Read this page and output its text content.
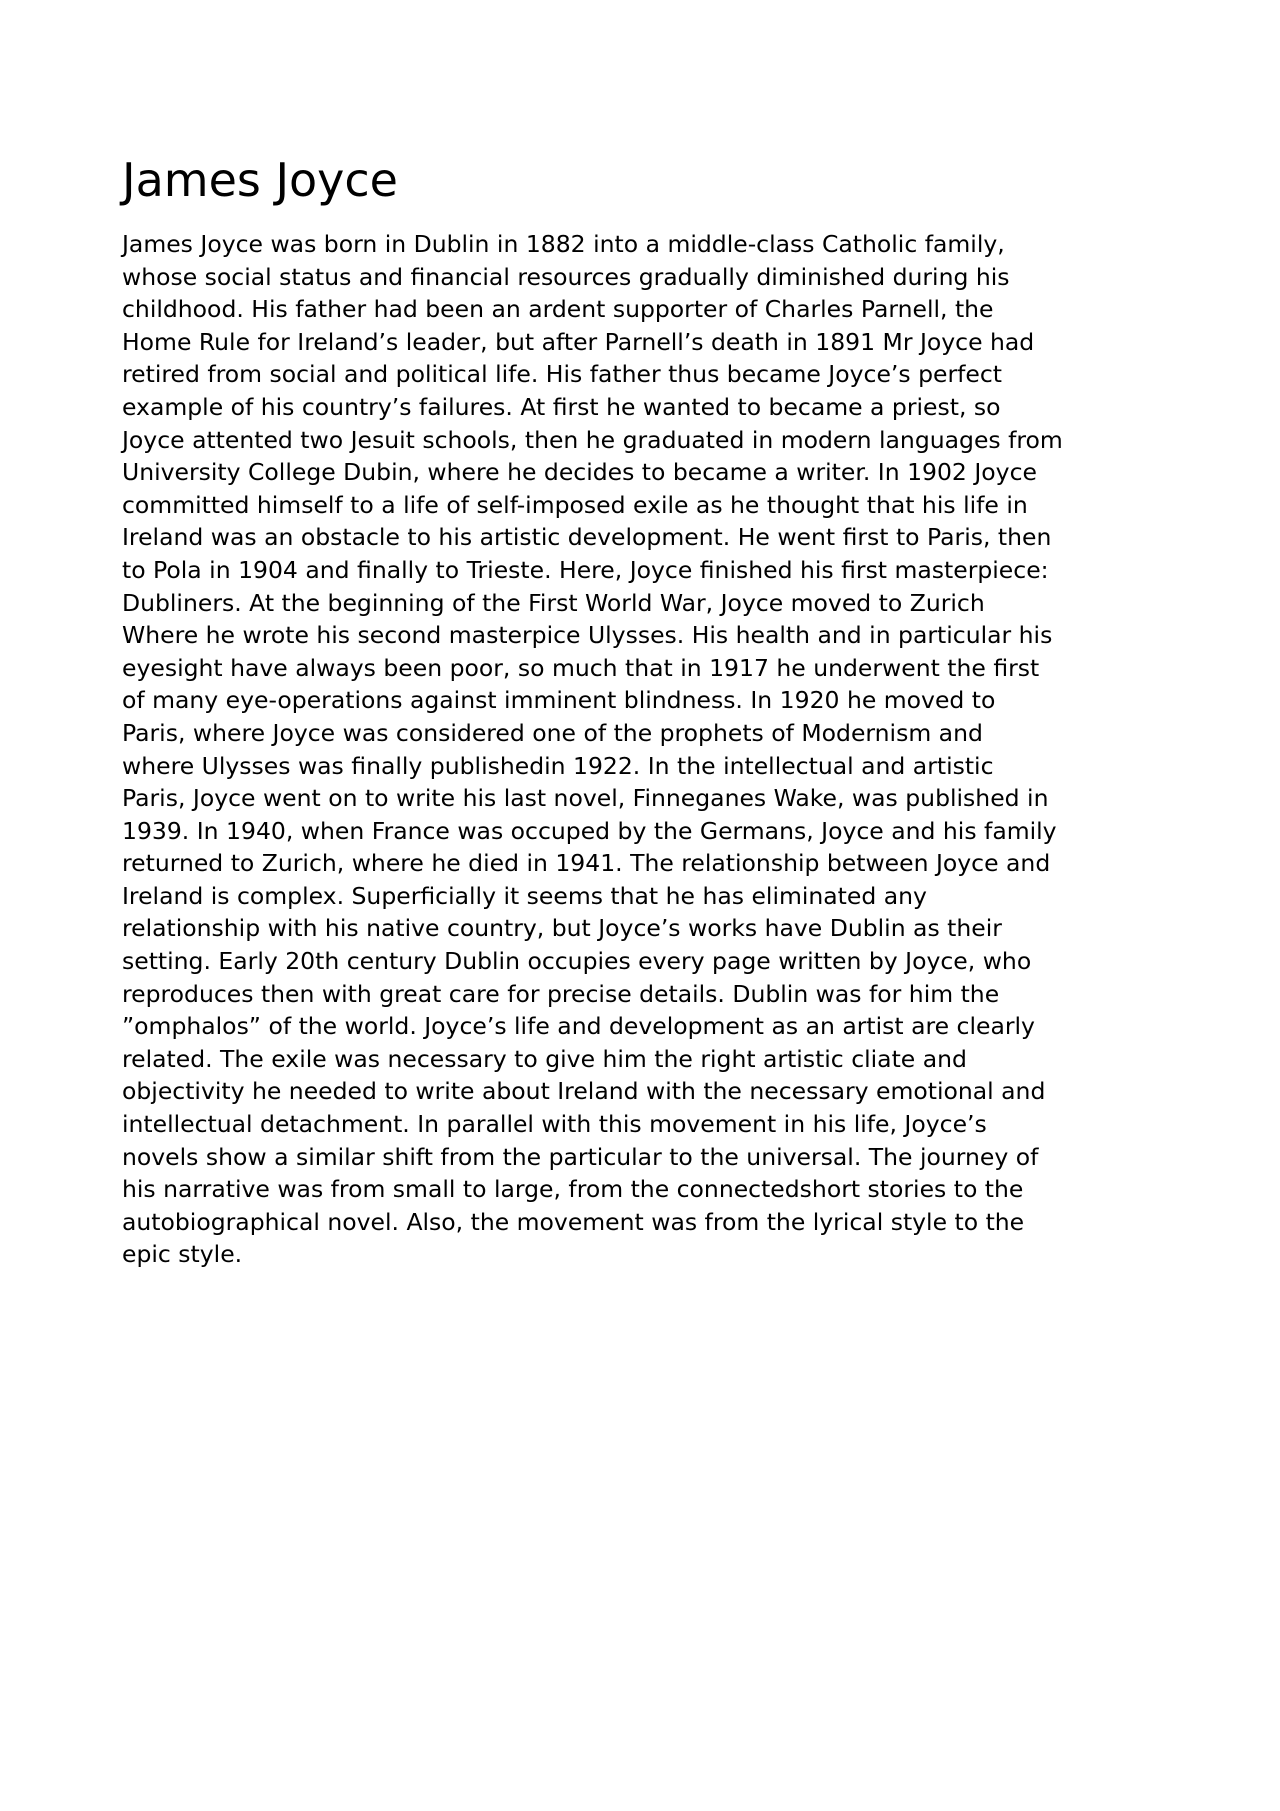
James Joyce
James Joyce was born in Dublin in 1882 into a middle-class Catholic family,
whose social status and financial resources gradually diminished during his
childhood. His father had been an ardent supporter of Charles Parnell, the
Home Rule for Ireland’s leader, but after Parnell’s death in 1891 Mr Joyce had
retired from social and political life. His father thus became Joyce’s perfect
example of his country’s failures. At first he wanted to became a priest, so
Joyce attented two Jesuit schools, then he graduated in modern languages from
University College Dubin, where he decides to became a writer. In 1902 Joyce
committed himself to a life of self-imposed exile as he thought that his life in
Ireland was an obstacle to his artistic development. He went first to Paris, then
to Pola in 1904 and finally to Trieste. Here, Joyce finished his first masterpiece:
Dubliners. At the beginning of the First World War, Joyce moved to Zurich
Where he wrote his second masterpice Ulysses. His health and in particular his
eyesight have always been poor, so much that in 1917 he underwent the first
of many eye-operations against imminent blindness. In 1920 he moved to
Paris, where Joyce was considered one of the prophets of Modernism and
where Ulysses was finally publishedin 1922. In the intellectual and artistic
Paris, Joyce went on to write his last novel, Finneganes Wake, was published in
1939. In 1940, when France was occuped by the Germans, Joyce and his family
returned to Zurich, where he died in 1941. The relationship between Joyce and
Ireland is complex. Superficially it seems that he has eliminated any
relationship with his native country, but Joyce’s works have Dublin as their
setting. Early 20th century Dublin occupies every page written by Joyce, who
reproduces then with great care for precise details. Dublin was for him the
”omphalos” of the world. Joyce’s life and development as an artist are clearly
related. The exile was necessary to give him the right artistic cliate and
objectivity he needed to write about Ireland with the necessary emotional and
intellectual detachment. In parallel with this movement in his life, Joyce’s
novels show a similar shift from the particular to the universal. The journey of
his narrative was from small to large, from the connectedshort stories to the
autobiographical novel. Also, the movement was from the lyrical style to the
epic style.
